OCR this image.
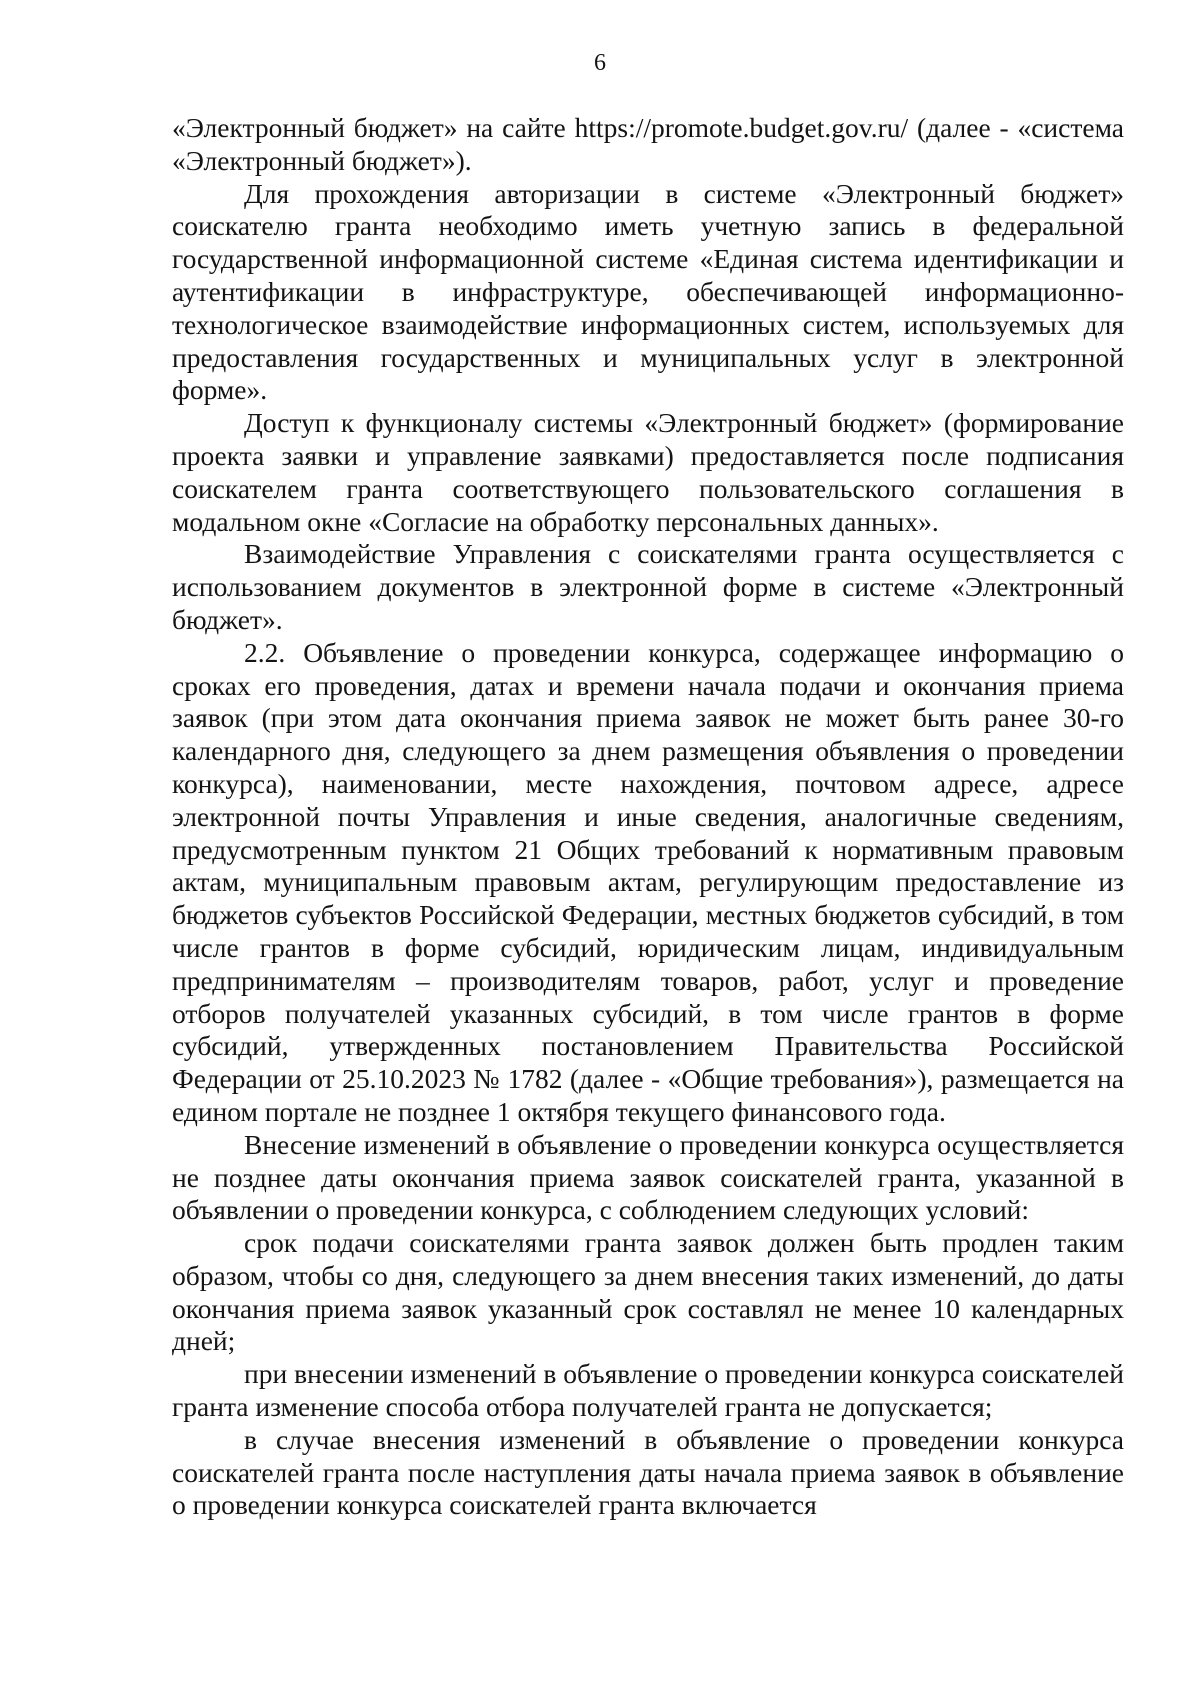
6

«Электронный бюджет» на сайте https://promote.budget.gov.ru/ (далее - «система «Электронный бюджет»).

Для прохождения авторизации в системе «Электронный бюджет» соискателю гранта необходимо иметь учетную запись в федеральной государственной информационной системе «Единая система идентификации и аутентификации в инфраструктуре, обеспечивающей информационно-технологическое взаимодействие информационных систем, используемых для предоставления государственных и муниципальных услуг в электронной форме».

Доступ к функционалу системы «Электронный бюджет» (формирование проекта заявки и управление заявками) предоставляется после подписания соискателем гранта соответствующего пользовательского соглашения в модальном окне «Согласие на обработку персональных данных».

Взаимодействие Управления с соискателями гранта осуществляется с использованием документов в электронной форме в системе «Электронный бюджет».

2.2. Объявление о проведении конкурса, содержащее информацию о сроках его проведения, датах и времени начала подачи и окончания приема заявок (при этом дата окончания приема заявок не может быть ранее 30-го календарного дня, следующего за днем размещения объявления о проведении конкурса), наименовании, месте нахождения, почтовом адресе, адресе электронной почты Управления и иные сведения, аналогичные сведениям, предусмотренным пунктом 21 Общих требований к нормативным правовым актам, муниципальным правовым актам, регулирующим предоставление из бюджетов субъектов Российской Федерации, местных бюджетов субсидий, в том числе грантов в форме субсидий, юридическим лицам, индивидуальным предпринимателям – производителям товаров, работ, услуг и проведение отборов получателей указанных субсидий, в том числе грантов в форме субсидий, утвержденных постановлением Правительства Российской Федерации от 25.10.2023 № 1782 (далее - «Общие требования»), размещается на едином портале не позднее 1 октября текущего финансового года.

Внесение изменений в объявление о проведении конкурса осуществляется не позднее даты окончания приема заявок соискателей гранта, указанной в объявлении о проведении конкурса, с соблюдением следующих условий:

срок подачи соискателями гранта заявок должен быть продлен таким образом, чтобы со дня, следующего за днем внесения таких изменений, до даты окончания приема заявок указанный срок составлял не менее 10 календарных дней;

при внесении изменений в объявление о проведении конкурса соискателей гранта изменение способа отбора получателей гранта не допускается;

в случае внесения изменений в объявление о проведении конкурса соискателей гранта после наступления даты начала приема заявок в объявление о проведении конкурса соискателей гранта включается
